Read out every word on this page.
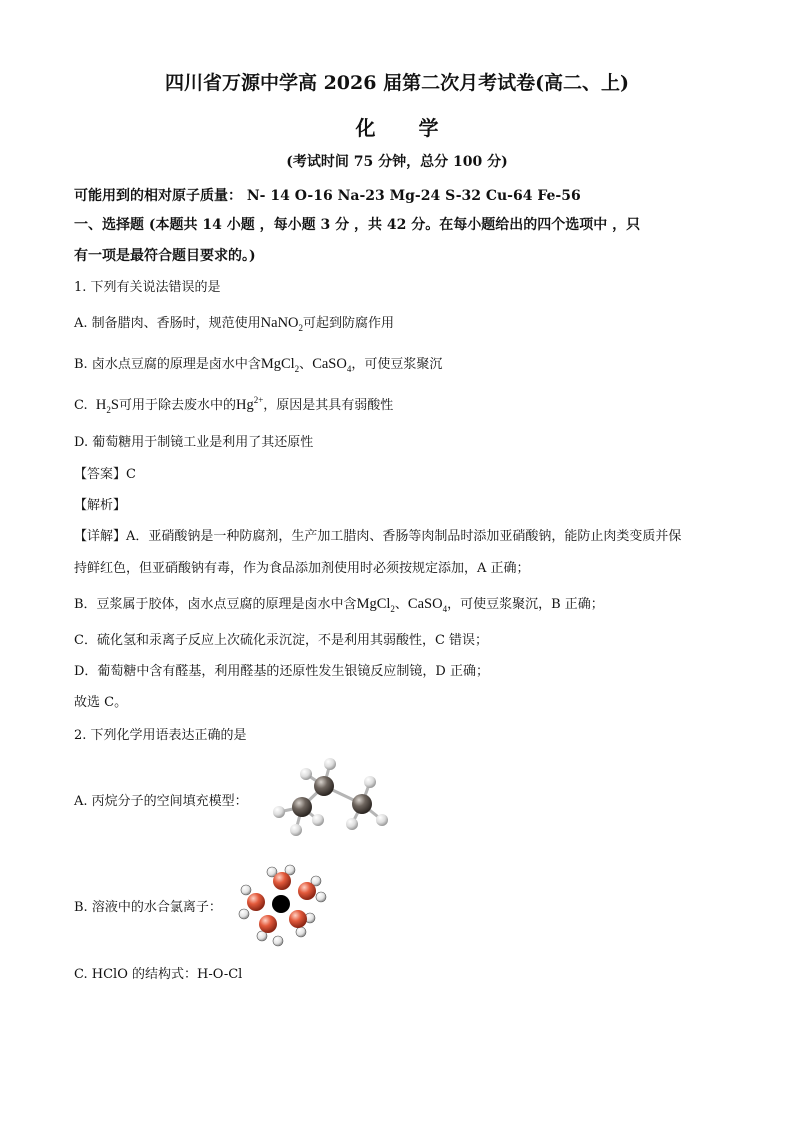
四川省万源中学高 2026 届第二次月考试卷(高二、上)
化 学
(考试时间 75 分钟，总分 100 分)
可能用到的相对原子质量： N- 14 O-16 Na-23 Mg-24 S-32 Cu-64 Fe-56
一、选择题 (本题共 14 小题 ，每小题 3 分 ，共 42 分。在每小题给出的四个选项中 ，只
有一项是最符合题目要求的。)
1. 下列有关说法错误的是
A. 制备腊肉、香肠时，规范使用NaNO$_2$可起到防腐作用
B. 卤水点豆腐的原理是卤水中含MgCl$_2$、CaSO$_4$，可使豆浆聚沉
C. $H_2S$可用于除去废水中的$Hg^{2+}$，原因是其具有弱酸性
D. 葡萄糖用于制镜工业是利用了其还原性
【答案】C
【解析】
【详解】A．亚硝酸钠是一种防腐剂，生产加工腊肉、香肠等肉制品时添加亚硝酸钠，能防止肉类变质并保
持鲜红色，但亚硝酸钠有毒，作为食品添加剂使用时必须按规定添加，A 正确；
B．豆浆属于胶体，卤水点豆腐的原理是卤水中含MgCl$_2$、CaSO$_4$，可使豆浆聚沉，B 正确；
C．硫化氢和汞离子反应上次硫化汞沉淀，不是利用其弱酸性，C 错误；
D．葡萄糖中含有醛基，利用醛基的还原性发生银镜反应制镜，D 正确；
故选 C。
2. 下列化学用语表达正确的是
A. 丙烷分子的空间填充模型：
B. 溶液中的水合氯离子：
C. HClO 的结构式：H-O-Cl
